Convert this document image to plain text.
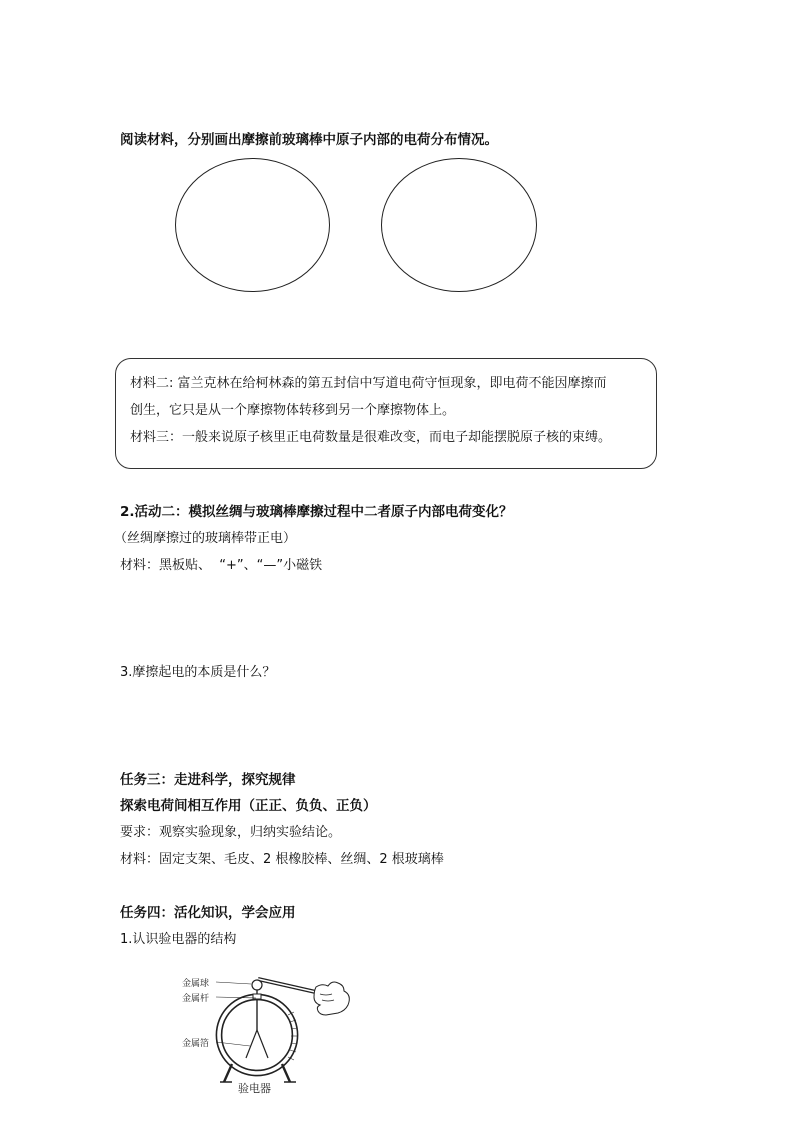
阅读材料，分别画出摩擦前玻璃棒中原子内部的电荷分布情况。
材料二: 富兰克林在给柯林森的第五封信中写道电荷守恒现象，即电荷不能因摩擦而
创生，它只是从一个摩擦物体转移到另一个摩擦物体上。
材料三：一般来说原子核里正电荷数量是很难改变，而电子却能摆脱原子核的束缚。
2.活动二：模拟丝绸与玻璃棒摩擦过程中二者原子内部电荷变化？
（丝绸摩擦过的玻璃棒带正电）
材料：黑板贴、  “+”、“—”小磁铁
3.摩擦起电的本质是什么？
任务三：走进科学，探究规律
探索电荷间相互作用（正正、负负、正负）
要求：观察实验现象，归纳实验结论。
材料：固定支架、毛皮、2 根橡胶棒、丝绸、2 根玻璃棒
任务四：活化知识，学会应用
1.认识验电器的结构
金属球
金属杆
金属箔
验电器
